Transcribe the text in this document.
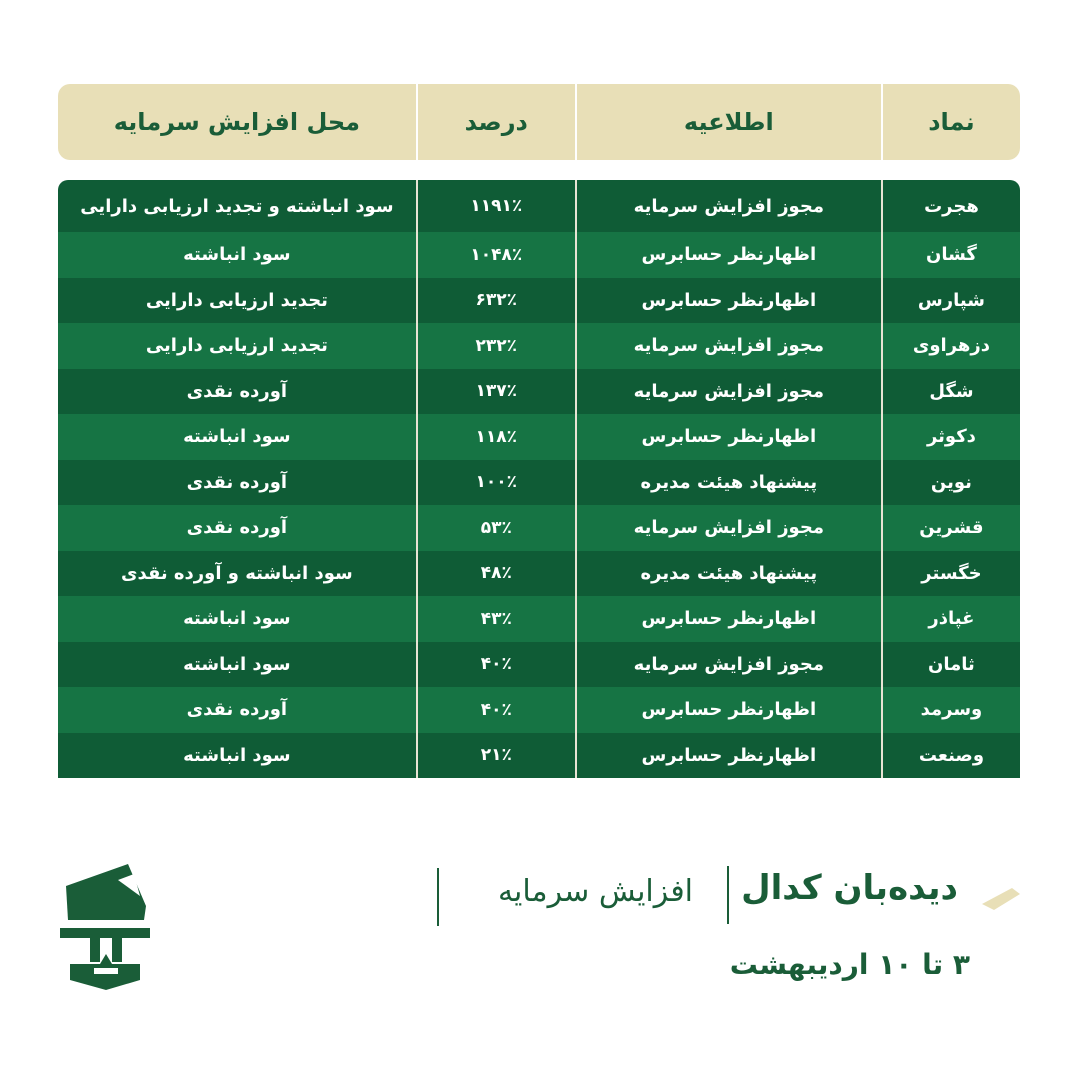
نماد
اطلاعیه
درصد
محل افزایش سرمایه
هجرت
مجوز افزایش سرمایه
۱۱۹۱٪
سود انباشته و تجدید ارزیابی دارایی
گشان
اظهارنظر حسابرس
۱۰۴۸٪
سود انباشته
شپارس
اظهارنظر حسابرس
۶۳۲٪
تجدید ارزیابی دارایی
دزهراوی
مجوز افزایش سرمایه
۲۳۲٪
تجدید ارزیابی دارایی
شگل
مجوز افزایش سرمایه
۱۳۷٪
آورده نقدی
دکوثر
اظهارنظر حسابرس
۱۱۸٪
سود انباشته
نوین
پیشنهاد هیئت مدیره
۱۰۰٪
آورده نقدی
قشرین
مجوز افزایش سرمایه
۵۳٪
آورده نقدی
خگستر
پیشنهاد هیئت مدیره
۴۸٪
سود انباشته و آورده نقدی
غپاذر
اظهارنظر حسابرس
۴۳٪
سود انباشته
ثامان
مجوز افزایش سرمایه
۴۰٪
سود انباشته
وسرمد
اظهارنظر حسابرس
۴۰٪
آورده نقدی
وصنعت
اظهارنظر حسابرس
۲۱٪
سود انباشته
افزایش سرمایه دیده‌بان کدال
۳ تا ۱۰ اردیبهشت
